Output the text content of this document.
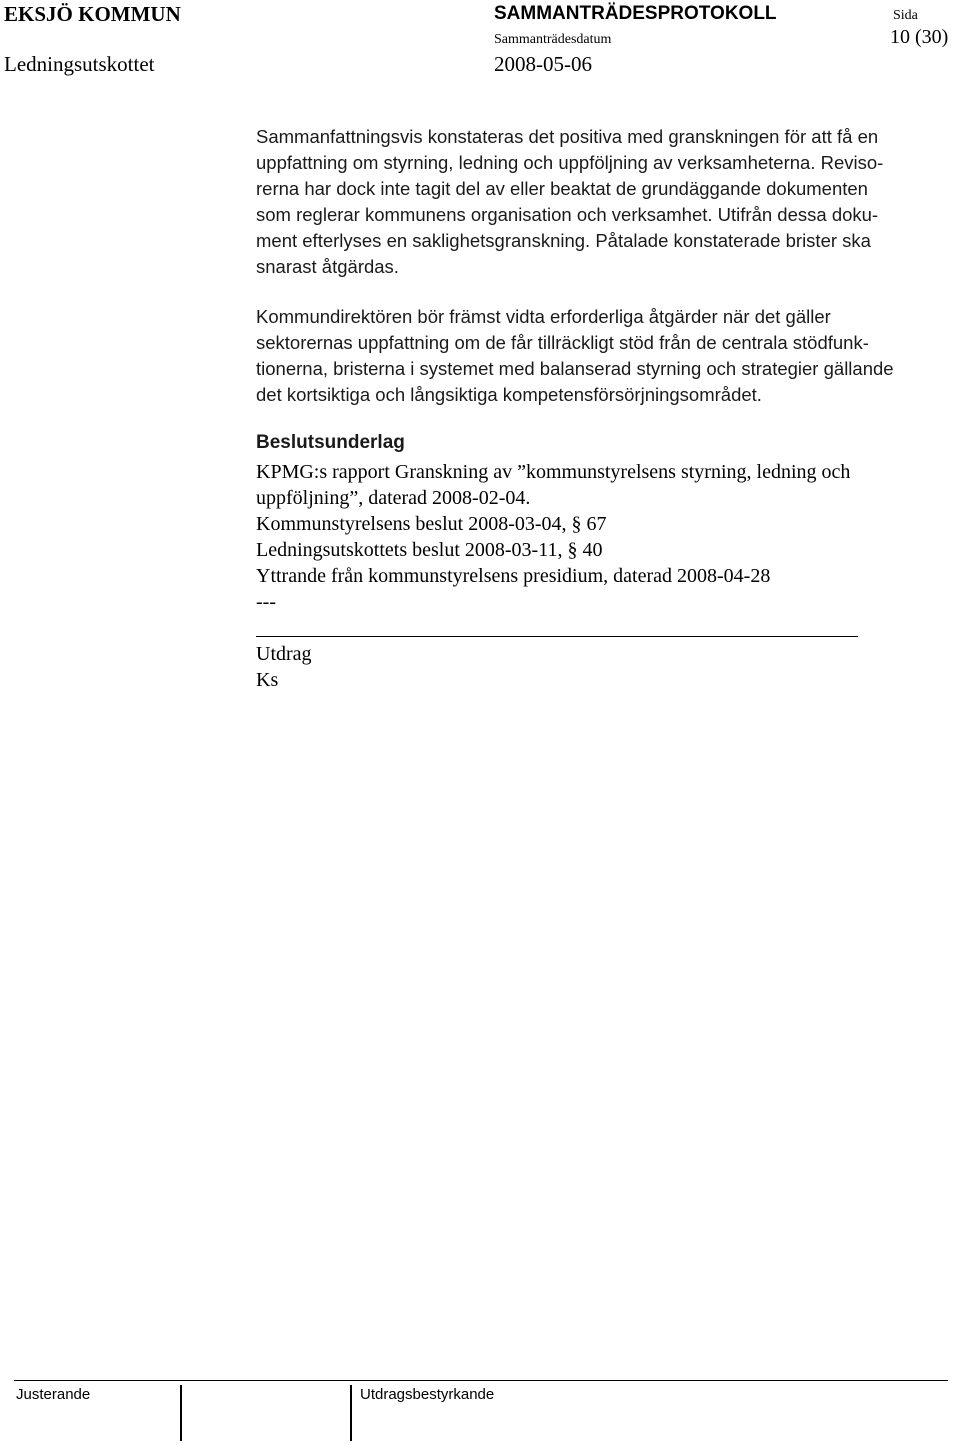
EKSJÖ KOMMUN	SAMMANTRÄDESPROTOKOLL	Sida
10 (30)
Sammanträdesdatum
Ledningsutskottet	2008-05-06
Sammanfattningsvis konstateras det positiva med granskningen för att få en
uppfattning om styrning, ledning och uppföljning av verksamheterna. Reviso-
rerna har dock inte tagit del av eller beaktat de grundäggande dokumenten
som reglerar kommunens organisation och verksamhet. Utifrån dessa doku-
ment efterlyses en saklighetsgranskning. Påtalade konstaterade brister ska
snarast åtgärdas.
Kommundirektören bör främst vidta erforderliga åtgärder när det gäller
sektorernas uppfattning om de får tillräckligt stöd från de centrala stödfunk-
tionerna, bristerna i systemet med balanserad styrning och strategier gällande
det kortsiktiga och långsiktiga kompetensförsörjningsområdet.
Beslutsunderlag
KPMG:s rapport Granskning av ”kommunstyrelsens styrning, ledning och
uppföljning”, daterad 2008-02-04.
Kommunstyrelsens beslut 2008-03-04, § 67
Ledningsutskottets beslut 2008-03-11, § 40
Yttrande från kommunstyrelsens presidium, daterad 2008-04-28
---
Utdrag
Ks
Justerande	Utdragsbestyrkande
